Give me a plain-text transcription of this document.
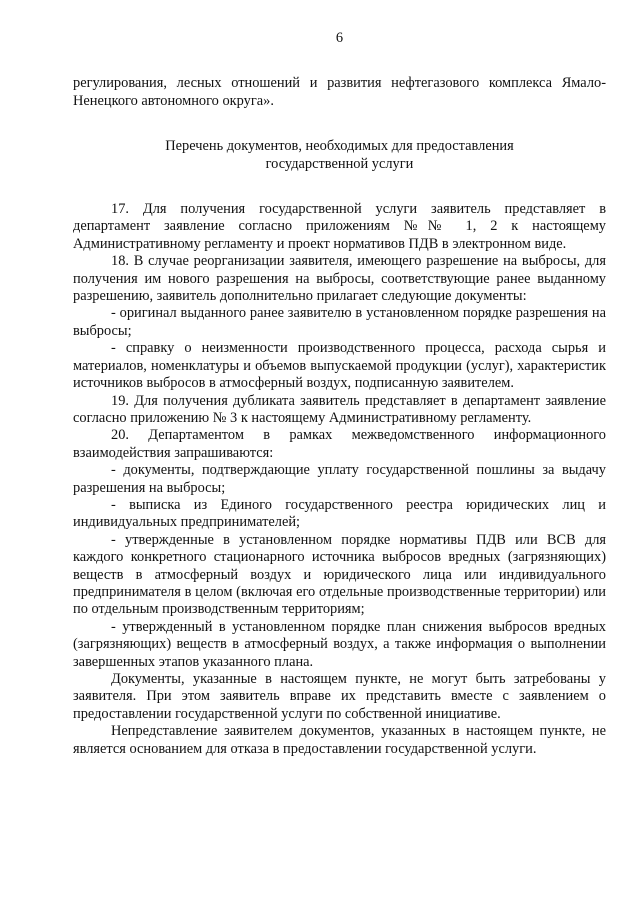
6

регулирования, лесных отношений и развития нефтегазового комплекса Ямало-Ненецкого автономного округа».

Перечень документов, необходимых для предоставления
государственной услуги

17. Для получения государственной услуги заявитель представляет в департамент заявление согласно приложениям №№ 1, 2 к настоящему Административному регламенту и проект нормативов ПДВ в электронном виде.

18. В случае реорганизации заявителя, имеющего разрешение на выбросы, для получения им нового разрешения на выбросы, соответствующие ранее выданному разрешению, заявитель дополнительно прилагает следующие документы:

- оригинал выданного ранее заявителю в установленном порядке разрешения на выбросы;

- справку о неизменности производственного процесса, расхода сырья и материалов, номенклатуры и объемов выпускаемой продукции (услуг), характеристик источников выбросов в атмосферный воздух, подписанную заявителем.

19. Для получения дубликата заявитель представляет в департамент заявление согласно приложению № 3 к настоящему Административному регламенту.

20. Департаментом в рамках межведомственного информационного взаимодействия запрашиваются:

- документы, подтверждающие уплату государственной пошлины за выдачу разрешения на выбросы;

- выписка из Единого государственного реестра юридических лиц и индивидуальных предпринимателей;

- утвержденные в установленном порядке нормативы ПДВ или ВСВ для каждого конкретного стационарного источника выбросов вредных (загрязняющих) веществ в атмосферный воздух и юридического лица или индивидуального предпринимателя в целом (включая его отдельные производственные территории) или по отдельным производственным территориям;

- утвержденный в установленном порядке план снижения выбросов вредных (загрязняющих) веществ в атмосферный воздух, а также информация о выполнении завершенных этапов указанного плана.

Документы, указанные в настоящем пункте, не могут быть затребованы у заявителя. При этом заявитель вправе их представить вместе с заявлением о предоставлении государственной услуги по собственной инициативе.

Непредставление заявителем документов, указанных в настоящем пункте, не является основанием для отказа в предоставлении государственной услуги.
